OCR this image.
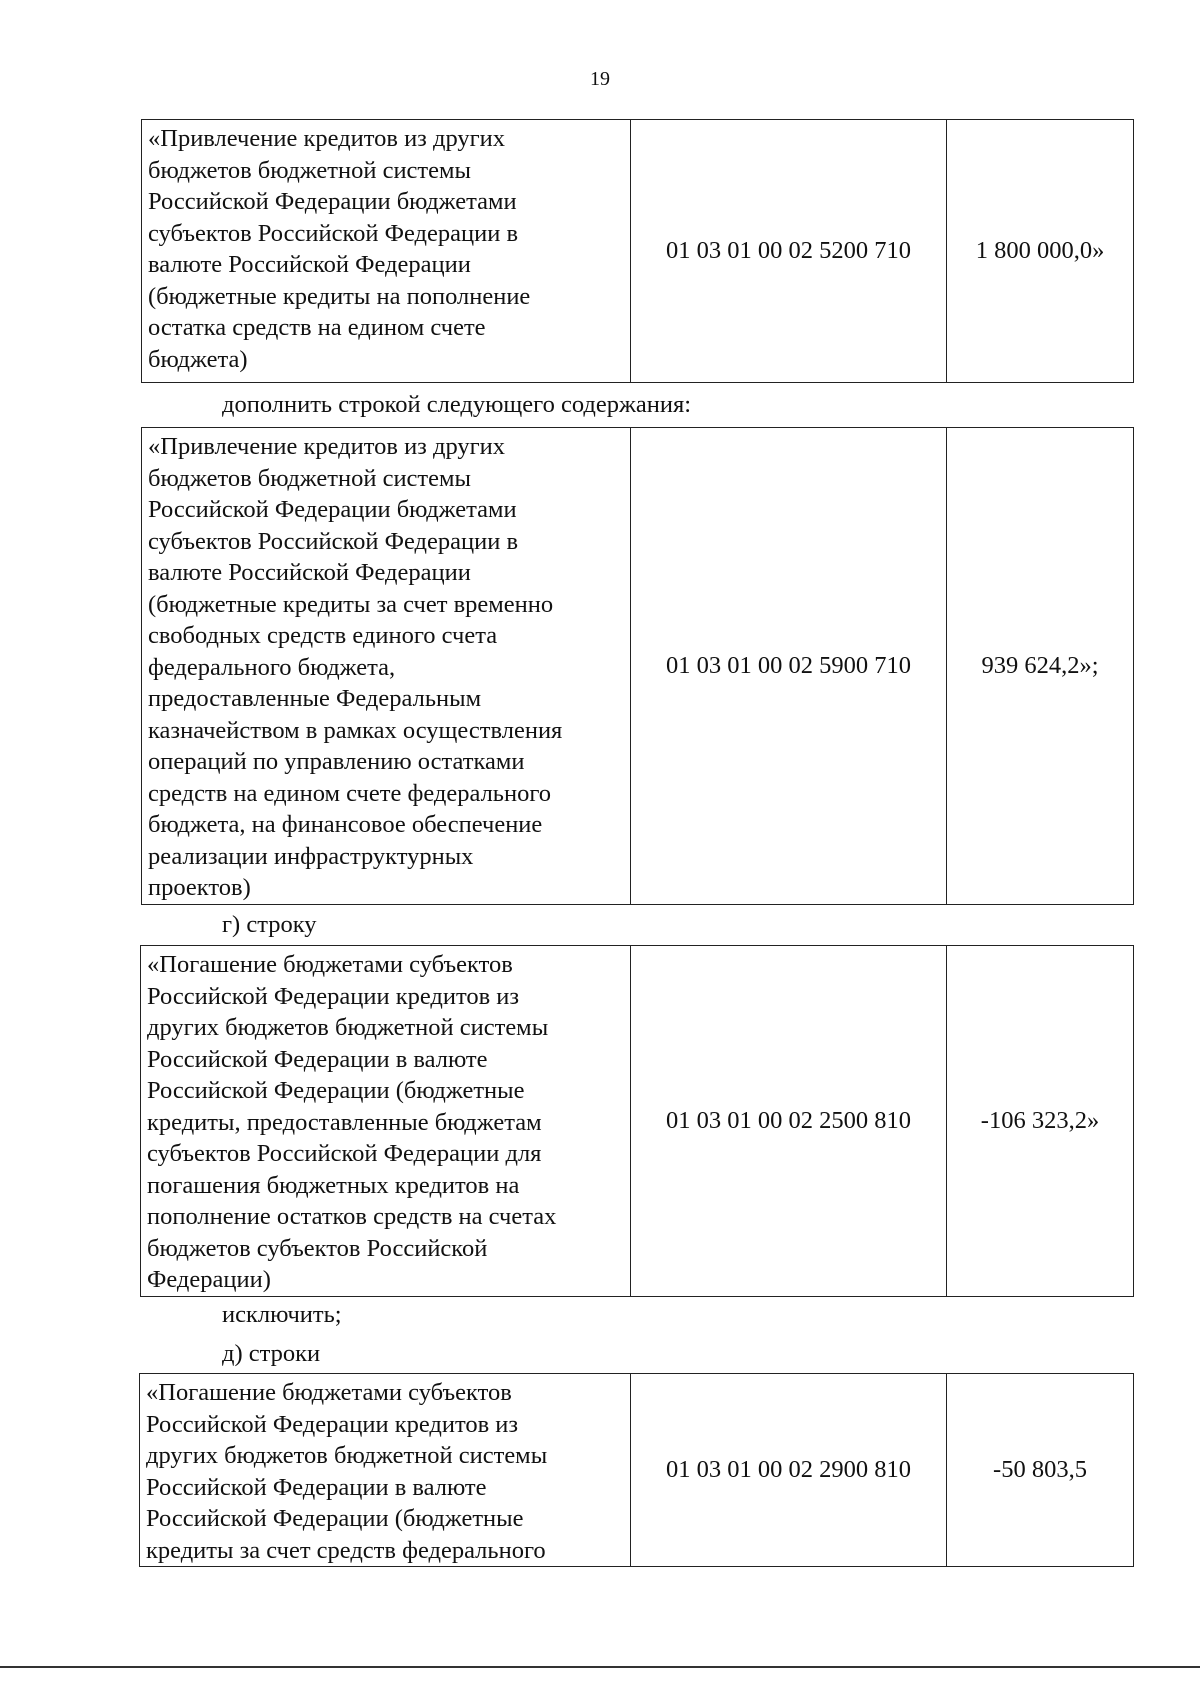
19
«Привлечение кредитов из других
бюджетов бюджетной системы
Российской Федерации бюджетами
субъектов Российской Федерации в
валюте Российской Федерации
(бюджетные кредиты на пополнение
остатка средств на едином счете
бюджета)	01 03 01 00 02 5200 710	1 800 000,0»
дополнить строкой следующего содержания:
«Привлечение кредитов из других
бюджетов бюджетной системы
Российской Федерации бюджетами
субъектов Российской Федерации в
валюте Российской Федерации
(бюджетные кредиты за счет временно
свободных средств единого счета
федерального бюджета,
предоставленные Федеральным
казначейством в рамках осуществления
операций по управлению остатками
средств на едином счете федерального
бюджета, на финансовое обеспечение
реализации инфраструктурных
проектов)	01 03 01 00 02 5900 710	939 624,2»;
г) строку
«Погашение бюджетами субъектов
Российской Федерации кредитов из
других бюджетов бюджетной системы
Российской Федерации в валюте
Российской Федерации (бюджетные
кредиты, предоставленные бюджетам
субъектов Российской Федерации для
погашения бюджетных кредитов на
пополнение остатков средств на счетах
бюджетов субъектов Российской
Федерации)	01 03 01 00 02 2500 810	-106 323,2»
исключить;
д) строки
«Погашение бюджетами субъектов
Российской Федерации кредитов из
других бюджетов бюджетной системы
Российской Федерации в валюте
Российской Федерации (бюджетные
кредиты за счет средств федерального	01 03 01 00 02 2900 810	-50 803,5
